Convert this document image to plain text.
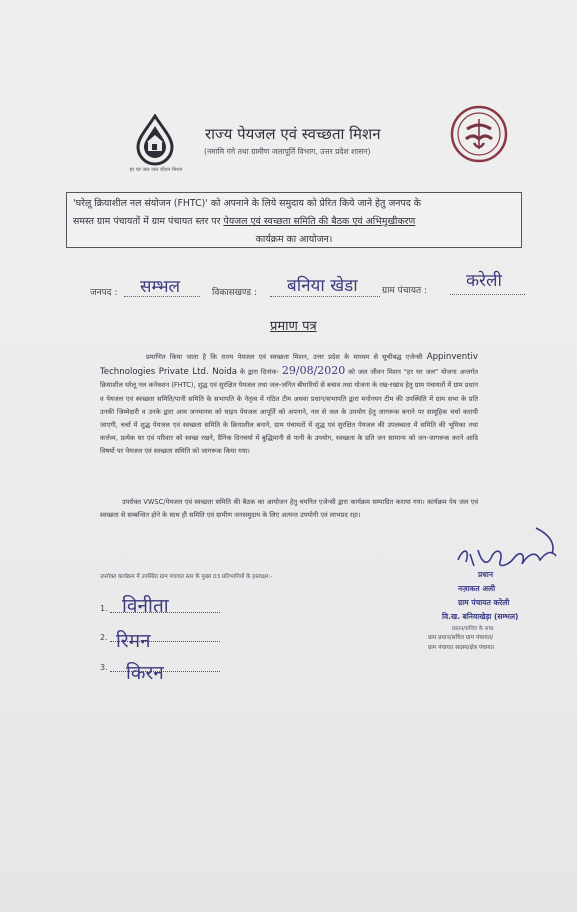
हर घर जल जल जीवन मिशन
राज्य पेयजल एवं स्वच्छता मिशन
(नमामि गंगे तथा ग्रामीण जलापूर्ति विभाग, उत्तर प्रदेश शासन)
'घरेलू क्रियाशील नल संयोजन (FHTC)' को अपनाने के लिये समुदाय को प्रेरित किये जाने हेतु जनपद के
समस्त ग्राम पंचायतों में ग्राम पंचायत स्तर पर पेयजल एवं स्वच्छता समिति की बैठक एवं अभिमुखीकरण
कार्यक्रम का आयोजन।
जनपद : सम्भल	विकासखण्ड : बनिया खेडा	ग्राम पंचायत : करेली
प्रमाण पत्र
प्रमाणित किया जाता है कि राज्य पेयजल एवं स्वच्छता मिशन, उत्तर प्रदेश के माध्यम से सूचीबद्ध एजेन्सी Appinventiv Technologies Private Ltd. Noida के द्वारा दिनांक- 29/08/2020 को जल जीवन मिशन "हर घर जल" योजना अन्तर्गत क्रियाशील घरेलू नल कनेक्शन (FHTC), शुद्ध एवं सुरक्षित पेयजल तथा जल-जनित बीमारियों से बचाव तथा योजना के रख-रखाव हेतु ग्राम पंचायतों में ग्राम प्रधान व पेयजल एवं स्वच्छता समिति/पानी समिति के सभापति के नेतृत्व में गठित टीम अथवा प्रधान/सभापति द्वारा मनोनयन टीम की उपस्थिति में ग्राम सभा के प्रति उनकी जिम्मेदारी व उनके द्वारा आम जनमानस को घाइप पेयजल आपूर्ति को अपनाने, नल से जल के उपयोग हेतु जागरूक बनाने पर सामूहिक चर्चा करायी जाएगी, चर्चा में शुद्ध पेयजल एवं स्वच्छता समिति के क्रियाशील बनाने, ग्राम पंचायतों में शुद्ध एवं सुरक्षित पेयजल की उपलब्धता में समिति की भूमिका तथा कर्त्तव्य, प्रत्येक घर एवं परिवार को स्वच्छ रखने, दैनिक दिनचर्या में बुद्धिमानी से पानी के उपयोग, स्वच्छता के प्रति जन सामान्य को जन-जागरूक करने आदि विषयों पर पेयजल एवं स्वच्छता समिति को जागरूक किया गया।
उपरोक्त VWSC/पेयजल एवं स्वच्छता समिति की बैठक का आयोजन हेतु चयनित एजेन्सी द्वारा कार्यक्रम सम्पादित कराया गया। कार्यक्रम पेय जल एवं स्वच्छता से सम्बन्धित होने के साथ ही समिति एवं ग्रामीण जनसमुदाय के लिए अत्यन्त उपयोगी एवं लाभप्रद रहा।
उपरोक्त कार्यक्रम में उपस्थित ग्राम पंचायत स्तर के मुख्य 03 प्रतिभागियों के हस्ताक्षर:-
1. विनीता
2. रिमन
3. किरन
प्रधान
नज़ाकत अली
ग्राम पंचायत करेली
वि.ख. बनियाखेड़ा (सम्भल)
प्रधान/सचिव के साथ
ग्राम प्रधान/सचिव ग्राम पंचायत/
ग्राम पंचायत सदस्य/क्षेत्र पंचायत
